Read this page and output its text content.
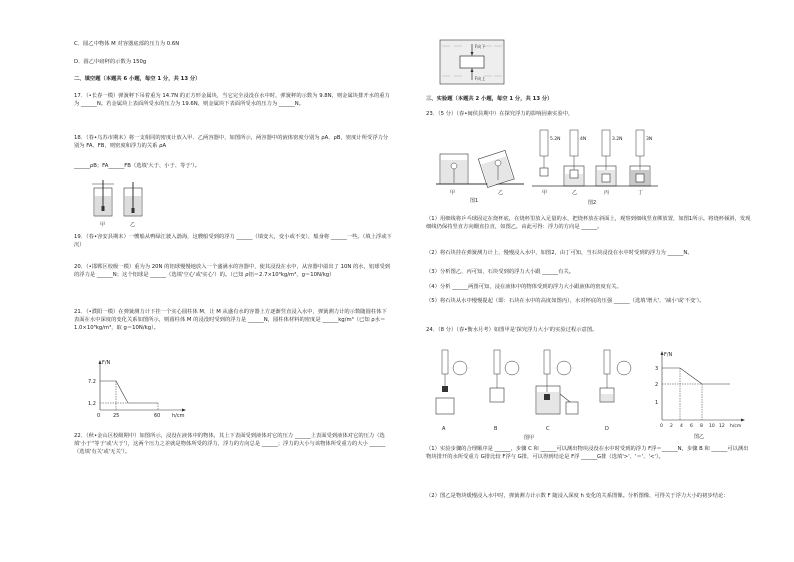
C．圆乙中物体 M 对容器底部的压力为 0.6N
D．圆乙中磅秤的示数为 150g
二、填空题（本题共 6 小题，每空 1 分，共 13 分）
17．（•长春一模）弹簧秤下吊着重为 14.7N 的正方形金属块，当它完全浸没在水中时，弹簧秤的示数为 9.8N，则金属块排开水的重力为 ______N。若金属块上表面所受水的压力为 19.6N，则金属块下表面所受水的压力为 ______N。
18．（春•乌苏市期末）将一支相同的密度计放入甲、乙两容器中，如图所示，两容器中的液体密度分别为 ρA、ρB，密度计所受浮力分别为 FA、FB，则密度和浮力的关系 ρA
______ρB；FA______FB（选填'大于、小于、等于'）。
甲	乙
19．（春•容安县期末）一艘船从鸭绿江驶入渤海，这艘船受到的浮力 ______（填变大，变小或不变），船身将 ______一些。（填上浮或下沉）
20．（•邯郸区校级一模）重为为 20N 的铝球慢慢地放入一个盛满水的容器中，使其浸没在水中，从容器中溢出了 10N 的水，铝球受到的浮力是 ______N；这个铝球是 ______（选填'空心'或'实心'）的。（已知 ρ铝＝2.7×10³kg/m³，g＝10N/kg）
21．（•濮阳一模）在弹簧测力计下挂一个实心圆柱体 M，让 M 从盛有水的容器上方逐渐竖直浸入水中，弹簧测力计的示数随圆柱体下表面在水中深度的变化关系如图所示，则圆柱体 M 的浸没时受到的浮力是 ______N，圆柱体材料的密度是 ______kg/m³（已知 ρ水＝1.0×10³kg/m³，取 g＝10N/kg）。
F/N
7.2
1.2
0	25	60 h/cm
22．（秋•金山区校级期中）如图所示，浸没在液体中的物体，其上下表面受到液体对它的压力 ______上表面受到液体对它的压力（选填'小于''等于'或'大于'），这两个压力之差就是物体所受的浮力，浮力的方向总是 ______；浮力的大小与该物体所受重力的大小 ______（选填'有关'或'无关'）。
F向下
F向上
三、实验题（本题共 2 小题，每空 1 分，共 13 分）
23．（5 分）（春•闽侯县期中）在探究浮力的影响因素实验中，
甲	乙
图1
5.2N	4N	3.2N	3N
甲	乙	丙	丁
图2
（1）用细线将乒乓球固定在烧杯底，在烧杯里放入足量的水，把烧杯放在斜面上，观察到细线竖直绑放置，如图1所示。将烧杯倾斜，发现细线仍保持竖直方向绷直拉直，如图乙，由此可得：浮力的方向是 ______。
（2）将石块挂在弹簧测力计上，慢慢浸入水中，如图2，由丁可知，当石块浸没在水中时受到的浮力为 ______N。
（3）分析图乙、丙可知，石块受到的浮力大小跟 ______有关。
（4）分析 ______两图可知，浸在液体中的物体受到的浮力大小跟液体的密度有关。
（5）将石块从水中慢慢提起（即：石块在水中的高度如图丙），水对杯底的压强 ______（选填'增大'、'减小'或'不变'）。
24．（8 分）（春•衡水月考）如图甲是'探究浮力大小'的实验过程示意图。
A	B	C	D
图甲
F/N
1
2
3
0 2 4 6 8 10 12 h/cm
图乙
（1）实验步骤的合理顺序是 ______，步骤 C 和 ______可以测出物块浸没在水中时受到的浮力 F浮＝______N，步骤 B 和 ______可以测出物块排开的水所受重力 G排比较 F浮与 G排，可以得到结论是 F浮 ______G排（选填'>'、'＝'、'<'）。
（2）图乙是物块缓慢浸入水中时，弹簧测力计示数 F 随浸入深度 h 变化的关系图像。分析图像，可得关于浮力大小的初步结论：
